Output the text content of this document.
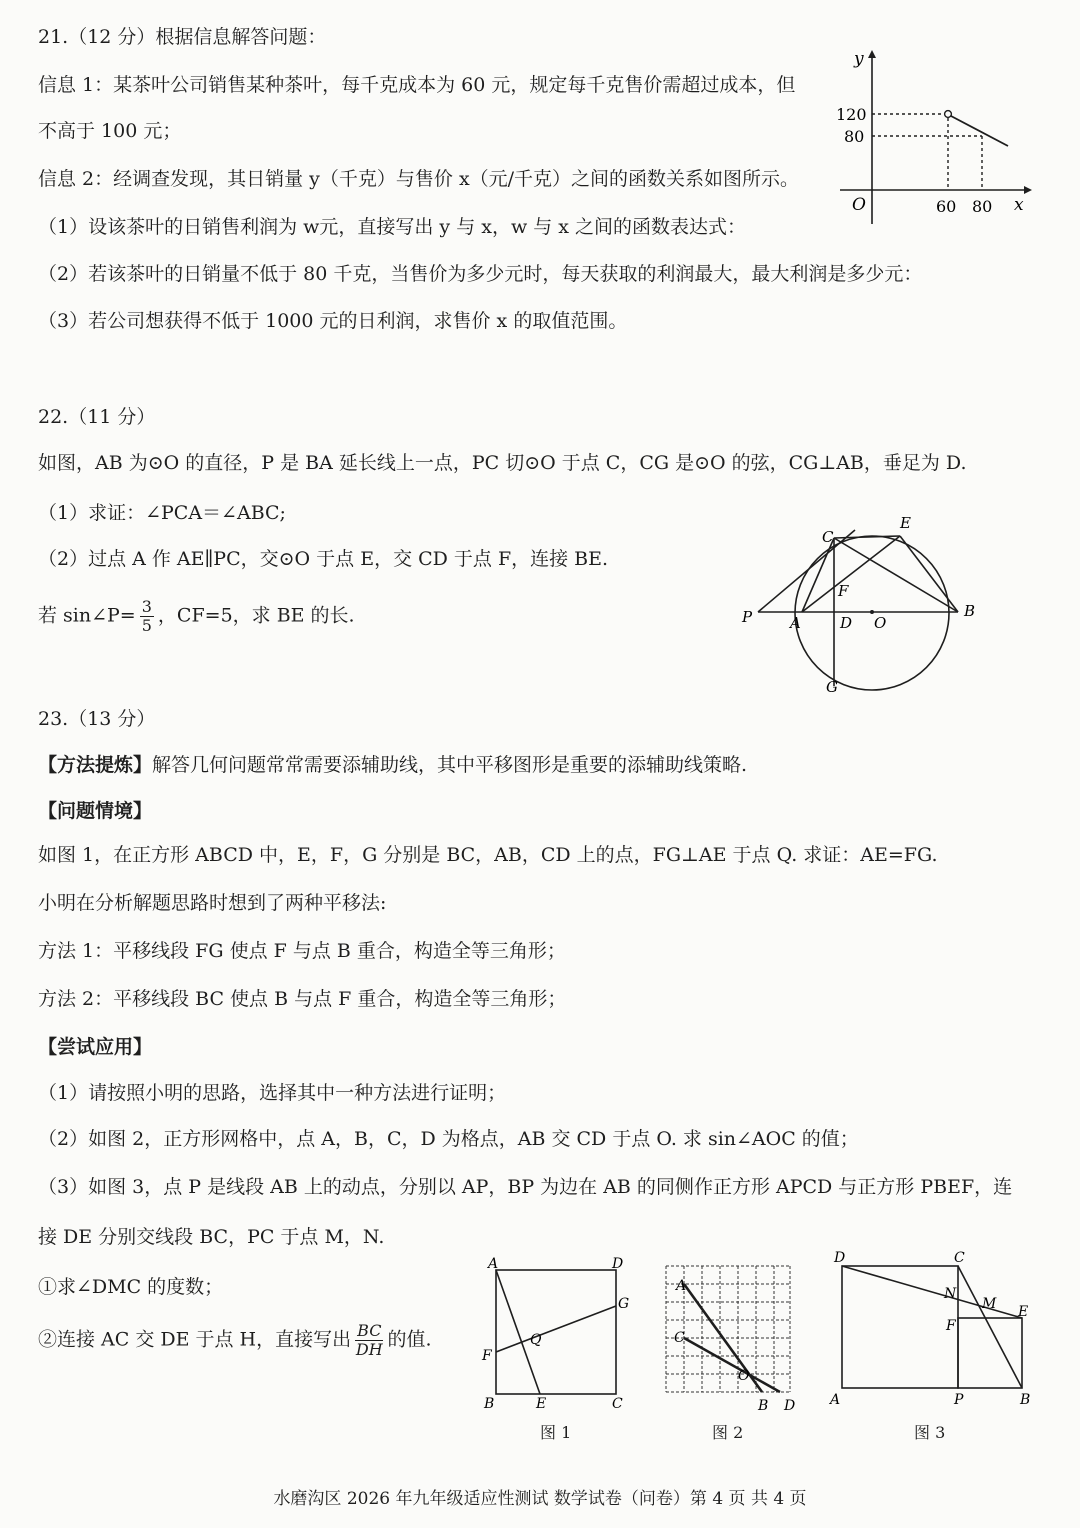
21.（12 分）根据信息解答问题：
信息 1：某茶叶公司销售某种茶叶，每千克成本为 60 元，规定每千克售价需超过成本，但
不高于 100 元；
信息 2：经调查发现，其日销量 y（千克）与售价 x（元/千克）之间的函数关系如图所示。
（1）设该茶叶的日销售利润为 w元，直接写出 y 与 x，w 与 x 之间的函数表达式：
（2）若该茶叶的日销量不低于 80 千克，当售价为多少元时，每天获取的利润最大，最大利润是多少元：
（3）若公司想获得不低于 1000 元的日利润，求售价 x 的取值范围。
y
x
O
120
80
60 80
22.（11 分）
如图，AB 为⊙O 的直径，P 是 BA 延长线上一点，PC 切⊙O 于点 C，CG 是⊙O 的弦，CG⊥AB，垂足为 D.
（1）求证：∠PCA＝∠ABC;
（2）过点 A 作 AE∥PC，交⊙O 于点 E，交 CD 于点 F，连接 BE.
若 sin∠P= $\frac{3}{5}$ ，CF=5，求 BE 的长.
C
E
F
P	A	D O
B
G
23.（13 分）
【方法提炼】解答几何问题常常需要添辅助线，其中平移图形是重要的添辅助线策略.
【问题情境】
如图 1，在正方形 ABCD 中，E，F，G 分别是 BC，AB，CD 上的点，FG⊥AE 于点 Q. 求证：AE=FG.
小明在分析解题思路时想到了两种平移法:
方法 1：平移线段 FG 使点 F 与点 B 重合，构造全等三角形；
方法 2：平移线段 BC 使点 B 与点 F 重合，构造全等三角形；
【尝试应用】
（1）请按照小明的思路，选择其中一种方法进行证明；
（2）如图 2，正方形网格中，点 A，B，C，D 为格点，AB 交 CD 于点 O. 求 sin∠AOC 的值；
（3）如图 3，点 P 是线段 AB 上的动点，分别以 AP，BP 为边在 AB 的同侧作正方形 APCD 与正方形 PBEF，连
接 DE 分别交线段 BC，PC 于点 M，N.
①求∠DMC 的度数；
②连接 AC 交 DE 于点 H，直接写出 $\frac{BC}{DH}$ 的值.
A	D
G
Q
F
B	E	C
图 1
A
C
O
B D
图 2
D	C
N
M E
F
A	P	B
图 3
水磨沟区 2026 年九年级适应性测试 数学试卷（问卷）第 4 页 共 4 页
